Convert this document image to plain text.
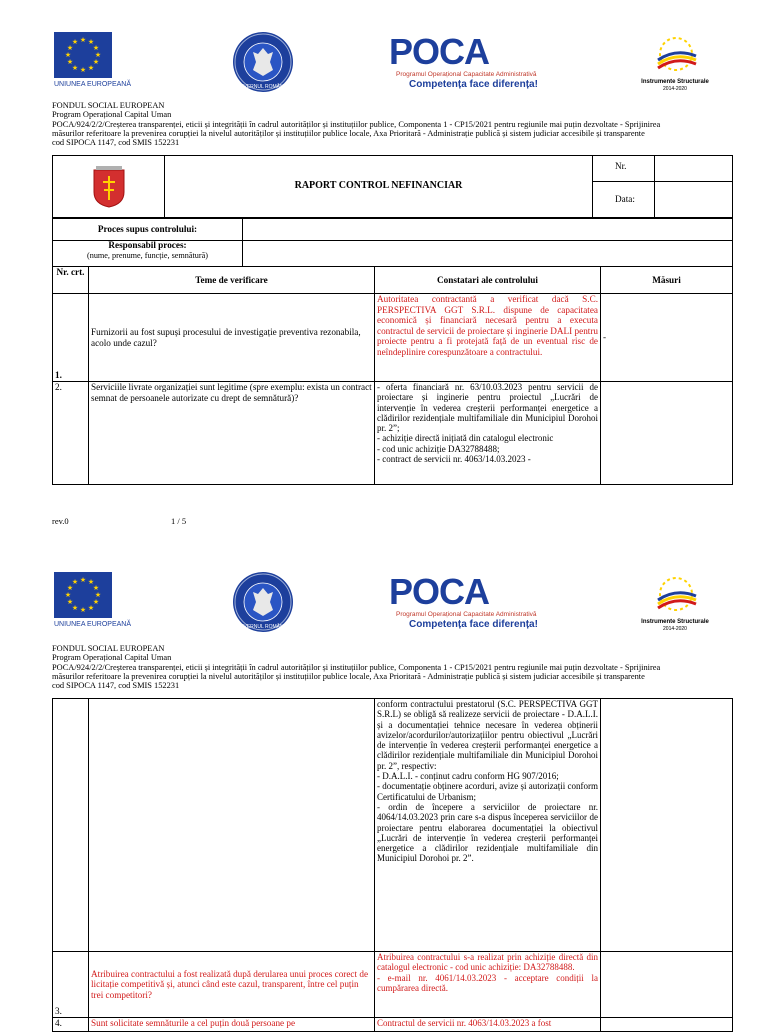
★ ★
★
★
★
★
★
★
★
★
★
★
UNIUNEA EUROPEANĂ	GUVERNUL ROMÂNIEI
POCA
Programul Operațional Capacitate Administrativă
Competența face diferența!	Instrumente Structurale
2014-2020
FONDUL SOCIAL EUROPEAN
Program Operațional Capital Uman
POCA/924/2/2/Creșterea transparenței, eticii și integrității în cadrul autorităților și instituțiilor publice, Componenta 1 - CP15/2021 pentru regiunile mai puțin dezvoltate - Sprijinirea
măsurilor referitoare la prevenirea corupției la nivelul autorităților și instituțiilor publice locale, Axa Prioritară - Administrație publică și sistem judiciar accesibile și transparente
cod SIPOCA 1147, cod SMIS 152231
	RAPORT CONTROL NEFINANCIAR	Nr.	
		Data:	
Proces supus controlului:	

Responsabil proces:
(nume, prenume, funcție, semnătură)	

Nr. crt.	Teme de verificare	Constatari ale controlului	Măsuri
1.	Furnizorii au fost supuși procesului de investigație preventiva rezonabila, acolo unde cazul?	Autoritatea contractantă a verificat dacă S.C. PERSPECTIVA GGT S.R.L. dispune de capacitatea economică și financiară necesară pentru a executa contractul de servicii de proiectare și inginerie DALI pentru proiecte pentru a fi protejată față de un eventual risc de neîndeplinire corespunzătoare a contractului.	-
2.	Serviciile livrate organizației sunt legitime (spre exemplu: exista un contract semnat de persoanele autorizate cu drept de semnătură)?	- oferta financiară nr. 63/10.03.2023 pentru servicii de proiectare și inginerie pentru proiectul „Lucrări de intervenție în vederea creșterii performanței energetice a clădirilor rezidențiale multifamiliale din Municipiul Dorohoi pr. 2”;
- achiziție directă inițiată din catalogul electronic
- cod unic achiziție DA32788488;
- contract de servicii nr. 4063/14.03.2023 -	

rev.0	1 / 5
★ ★
★
★
★
★
★
★
★
★
★
★
UNIUNEA EUROPEANĂ	GUVERNUL ROMÂNIEI
POCA
Programul Operațional Capacitate Administrativă
Competența face diferența!	Instrumente Structurale
2014-2020
FONDUL SOCIAL EUROPEAN
Program Operațional Capital Uman
POCA/924/2/2/Creșterea transparenței, eticii și integrității în cadrul autorităților și instituțiilor publice, Componenta 1 - CP15/2021 pentru regiunile mai puțin dezvoltate - Sprijinirea
măsurilor referitoare la prevenirea corupției la nivelul autorităților și instituțiilor publice locale, Axa Prioritară - Administrație publică și sistem judiciar accesibile și transparente
cod SIPOCA 1147, cod SMIS 152231

		conform contractului prestatorul (S.C. PERSPECTIVA GGT S.R.L) se obligă să realizeze servicii de proiectare - D.A.L.I. și a documentației tehnice necesare în vederea obținerii avizelor/acordurilor/autorizațiilor pentru obiectivul „Lucrări de intervenție în vederea creșterii performanței energetice a clădirilor rezidențiale multifamiliale din Municipiul Dorohoi pr. 2”, respectiv:
- D.A.L.I. - conținut cadru conform HG 907/2016;
- documentație obținere acorduri, avize și autorizații conform Certificatului de Urbanism;
- ordin de începere a serviciilor de proiectare nr. 4064/14.03.2023 prin care s-a dispus începerea serviciilor de proiectare pentru elaborarea documentației la obiectivul „Lucrări de intervenție în vederea creșterii performanței energetice a clădirilor rezidențiale multifamiliale din Municipiul Dorohoi pr. 2”.	

3.	Atribuirea contractului a fost realizată după derularea unui proces corect de licitație competitivă și, atunci când este cazul, transparent, între cel puțin trei competitori?	Atribuirea contractului s-a realizat prin achiziție directă din catalogul electronic - cod unic achiziție: DA32788488.
- e-mail nr. 4061/14.03.2023 - acceptare condiții la cumpărarea directă.	

4.	Sunt solicitate semnăturile a cel puțin două persoane pe	Contractul de servicii nr. 4063/14.03.2023 a fost	
